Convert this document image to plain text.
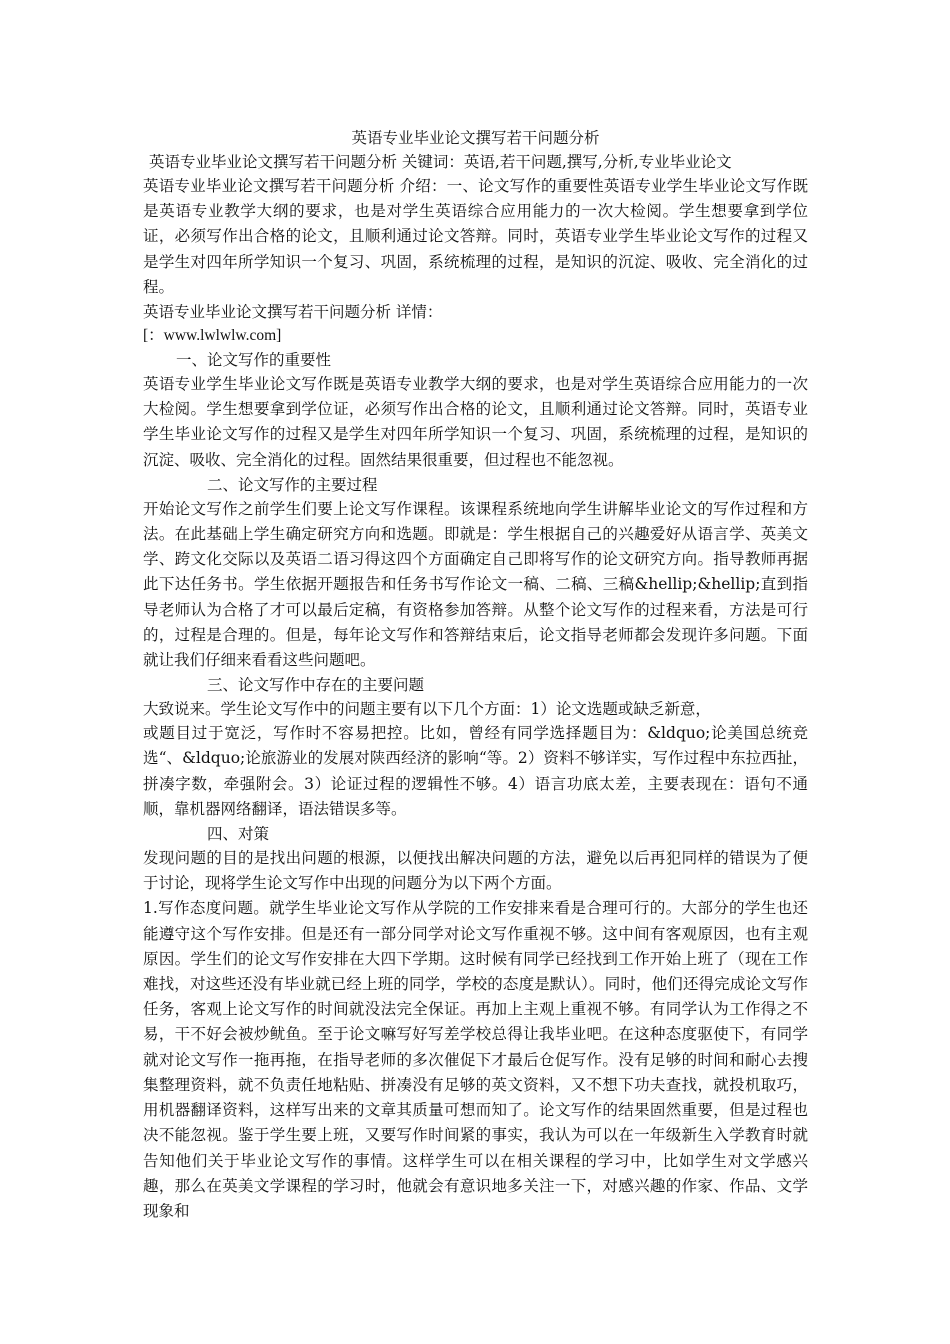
英语专业毕业论文撰写若干问题分析

英语专业毕业论文撰写若干问题分析 关键词：英语,若干问题,撰写,分析,专业毕业论文

英语专业毕业论文撰写若干问题分析 介绍：一、论文写作的重要性英语专业学生毕业论文写作既是英语专业教学大纲的要求，也是对学生英语综合应用能力的一次大检阅。学生想要拿到学位证，必须写作出合格的论文，且顺利通过论文答辩。同时，英语专业学生毕业论文写作的过程又是学生对四年所学知识一个复习、巩固，系统梳理的过程，是知识的沉淀、吸收、完全消化的过程。

英语专业毕业论文撰写若干问题分析 详情：

[：www.lwlwlw.com]

一、论文写作的重要性

英语专业学生毕业论文写作既是英语专业教学大纲的要求，也是对学生英语综合应用能力的一次大检阅。学生想要拿到学位证，必须写作出合格的论文，且顺利通过论文答辩。同时，英语专业学生毕业论文写作的过程又是学生对四年所学知识一个复习、巩固，系统梳理的过程，是知识的沉淀、吸收、完全消化的过程。固然结果很重要，但过程也不能忽视。

二、论文写作的主要过程

开始论文写作之前学生们要上论文写作课程。该课程系统地向学生讲解毕业论文的写作过程和方法。在此基础上学生确定研究方向和选题。即就是：学生根据自己的兴趣爱好从语言学、英美文学、跨文化交际以及英语二语习得这四个方面确定自己即将写作的论文研究方向。指导教师再据此下达任务书。学生依据开题报告和任务书写作论文一稿、二稿、三稿&hellip;&hellip;直到指导老师认为合格了才可以最后定稿，有资格参加答辩。从整个论文写作的过程来看，方法是可行的，过程是合理的。但是，每年论文写作和答辩结束后，论文指导老师都会发现许多问题。下面就让我们仔细来看看这些问题吧。

三、论文写作中存在的主要问题

大致说来。学生论文写作中的问题主要有以下几个方面：1）论文选题或缺乏新意，

或题目过于宽泛，写作时不容易把控。比如，曾经有同学选择题目为：&ldquo;论美国总统竞选“、&ldquo;论旅游业的发展对陕西经济的影响“等。2）资料不够详实，写作过程中东拉西扯，拼凑字数，牵强附会。3）论证过程的逻辑性不够。4）语言功底太差，主要表现在：语句不通顺，靠机器网络翻译，语法错误多等。

四、对策

发现问题的目的是找出问题的根源，以便找出解决问题的方法，避免以后再犯同样的错误为了便于讨论，现将学生论文写作中出现的问题分为以下两个方面。

1.写作态度问题。就学生毕业论文写作从学院的工作安排来看是合理可行的。大部分的学生也还能遵守这个写作安排。但是还有一部分同学对论文写作重视不够。这中间有客观原因，也有主观原因。学生们的论文写作安排在大四下学期。这时候有同学已经找到工作开始上班了（现在工作难找，对这些还没有毕业就已经上班的同学，学校的态度是默认）。同时，他们还得完成论文写作任务，客观上论文写作的时间就没法完全保证。再加上主观上重视不够。有同学认为工作得之不易，干不好会被炒鱿鱼。至于论文嘛写好写差学校总得让我毕业吧。在这种态度驱使下，有同学就对论文写作一拖再拖，在指导老师的多次催促下才最后仓促写作。没有足够的时间和耐心去搜集整理资料，就不负责任地粘贴、拼凑没有足够的英文资料，又不想下功夫查找，就投机取巧，用机器翻译资料，这样写出来的文章其质量可想而知了。论文写作的结果固然重要，但是过程也决不能忽视。鉴于学生要上班，又要写作时间紧的事实，我认为可以在一年级新生入学教育时就告知他们关于毕业论文写作的事情。这样学生可以在相关课程的学习中，比如学生对文学感兴趣，那么在英美文学课程的学习时，他就会有意识地多关注一下，对感兴趣的作家、作品、文学现象和
